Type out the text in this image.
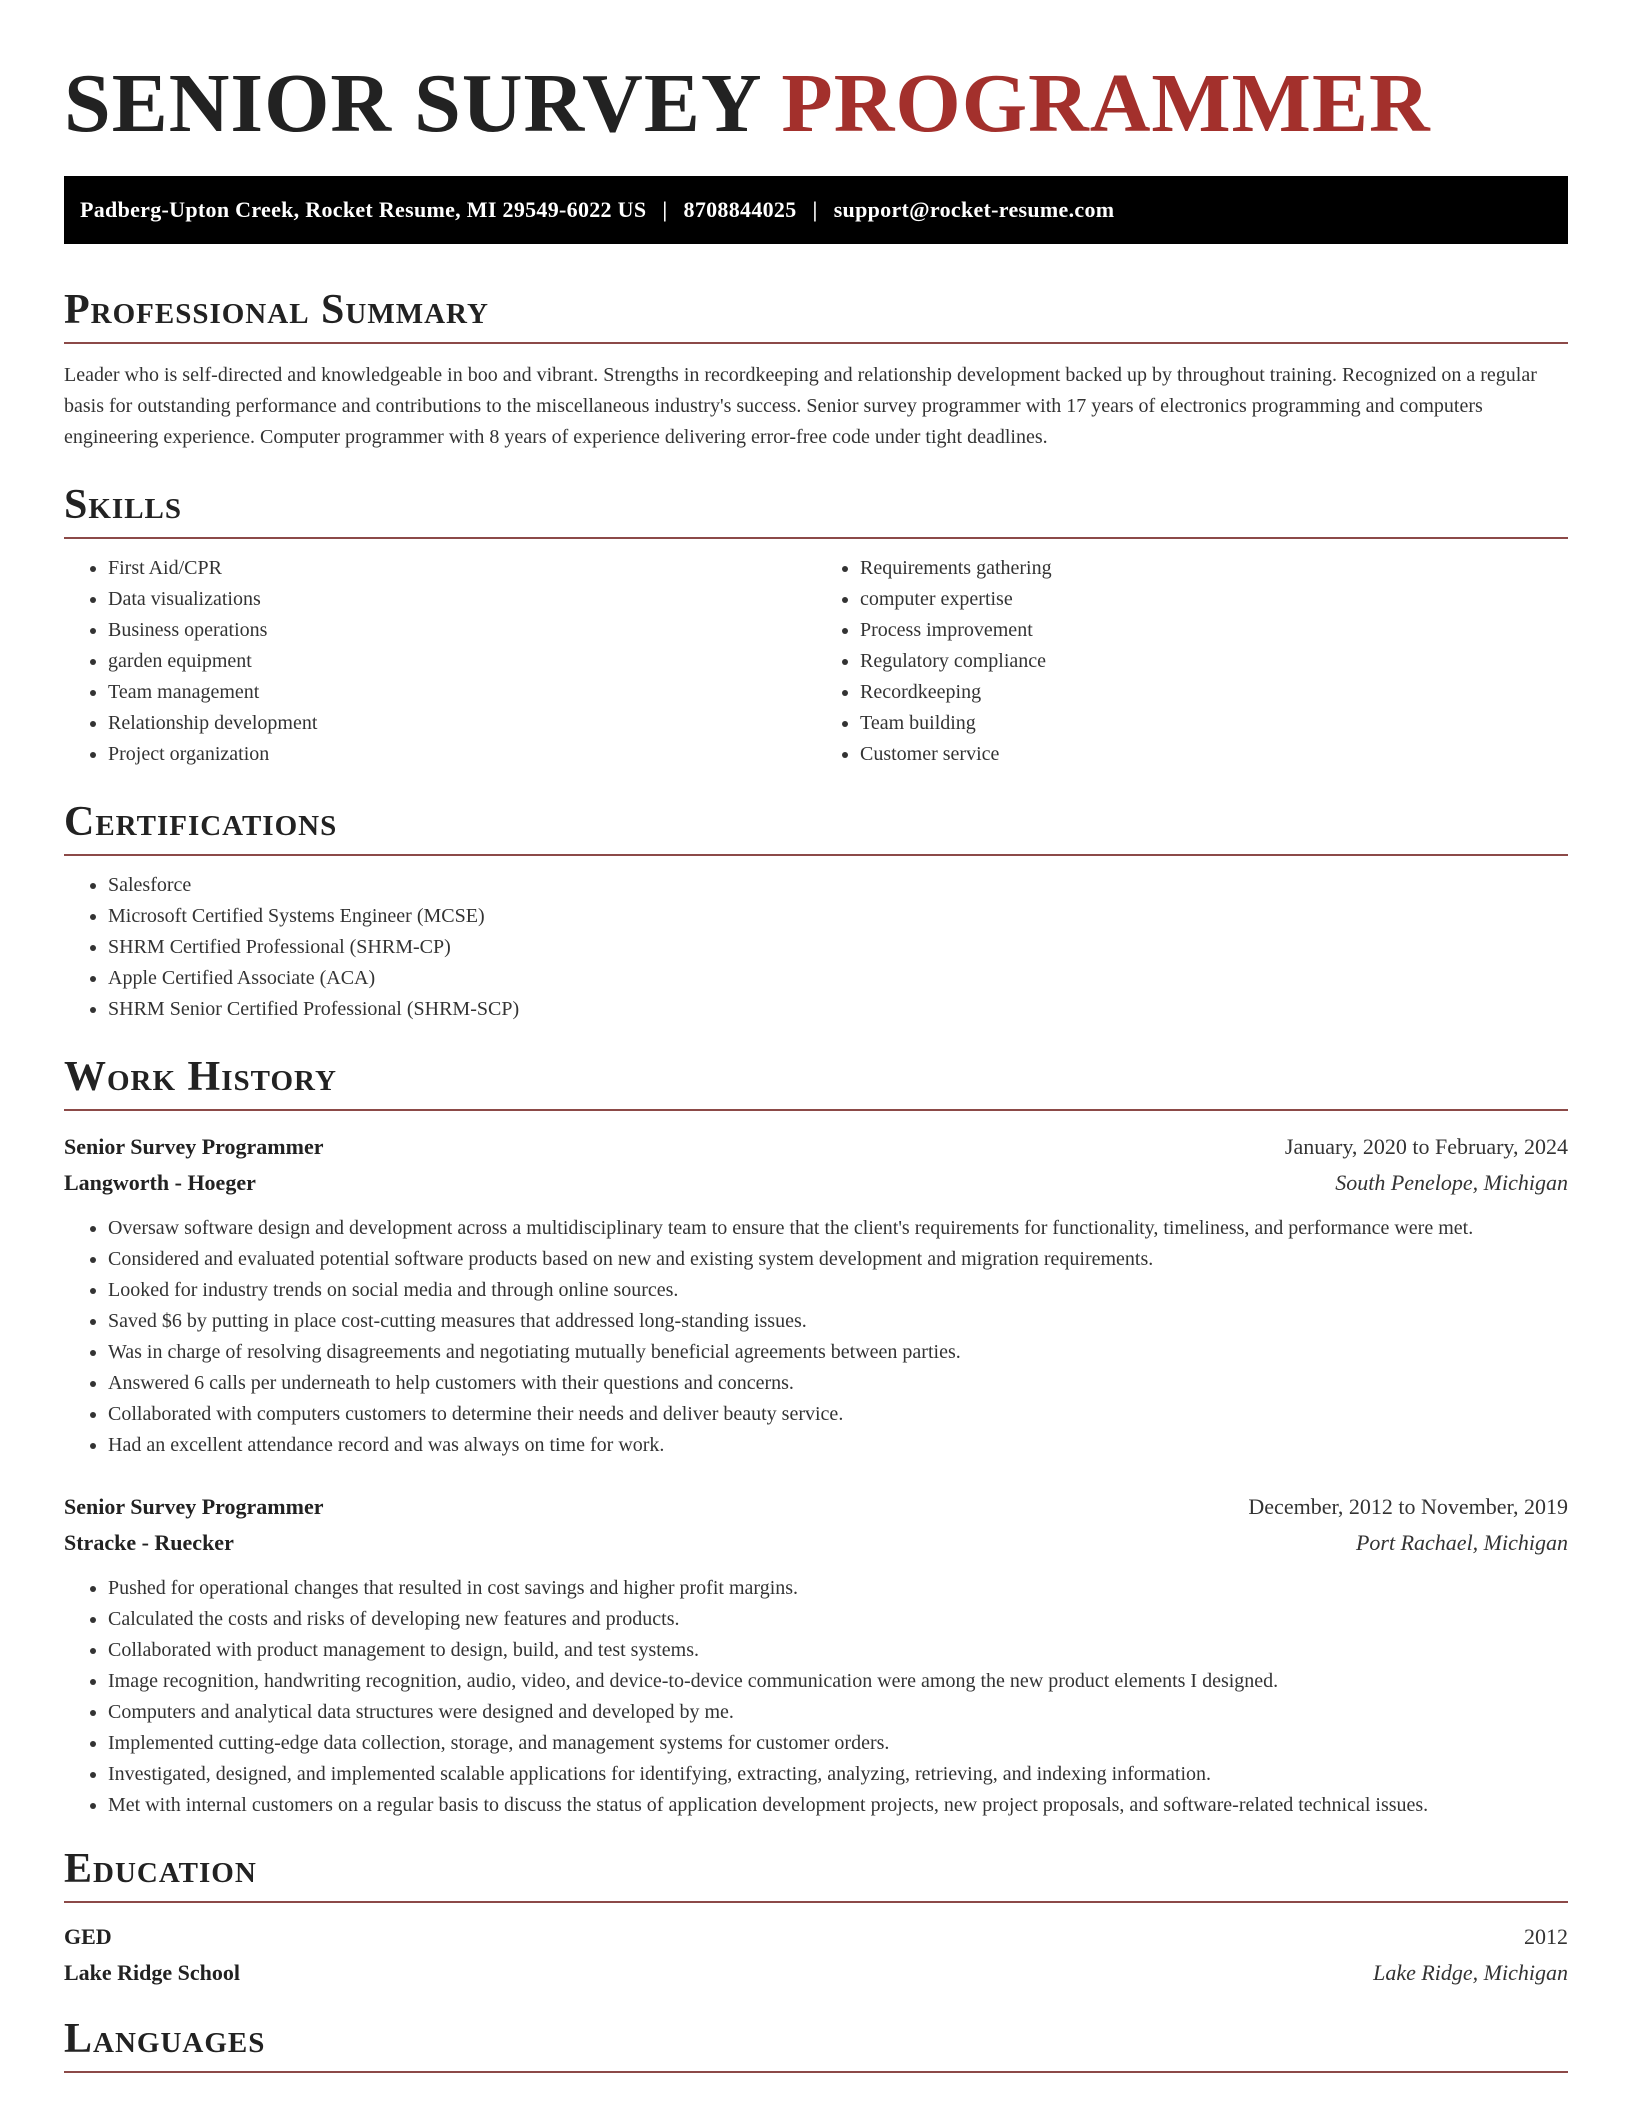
SENIOR SURVEY PROGRAMMER
Padberg-Upton Creek, Rocket Resume, MI 29549-6022 US | 8708844025 | support@rocket-resume.com
Professional Summary

Leader who is self-directed and knowledgeable in boo and vibrant. Strengths in recordkeeping and relationship development backed up by throughout training. Recognized on a regular basis for outstanding performance and contributions to the miscellaneous industry's success. Senior survey programmer with 17 years of electronics programming and computers engineering experience. Computer programmer with 8 years of experience delivering error-free code under tight deadlines.

Skills
• First Aid/CPR
• Data visualizations
• Business operations
• garden equipment
• Team management
• Relationship development
• Project organization
• Requirements gathering
• computer expertise
• Process improvement
• Regulatory compliance
• Recordkeeping
• Team building
• Customer service
Certifications
• Salesforce
• Microsoft Certified Systems Engineer (MCSE)
• SHRM Certified Professional (SHRM-CP)
• Apple Certified Associate (ACA)
• SHRM Senior Certified Professional (SHRM-SCP)
Work History
Senior Survey Programmer	January, 2020 to February, 2024
Langworth - Hoeger	South Penelope, Michigan
• Oversaw software design and development across a multidisciplinary team to ensure that the client's requirements for functionality, timeliness, and performance were met.
• Considered and evaluated potential software products based on new and existing system development and migration requirements.
• Looked for industry trends on social media and through online sources.
• Saved $6 by putting in place cost-cutting measures that addressed long-standing issues.
• Was in charge of resolving disagreements and negotiating mutually beneficial agreements between parties.
• Answered 6 calls per underneath to help customers with their questions and concerns.
• Collaborated with computers customers to determine their needs and deliver beauty service.
• Had an excellent attendance record and was always on time for work.
Senior Survey Programmer	December, 2012 to November, 2019
Stracke - Ruecker	Port Rachael, Michigan
• Pushed for operational changes that resulted in cost savings and higher profit margins.
• Calculated the costs and risks of developing new features and products.
• Collaborated with product management to design, build, and test systems.
• Image recognition, handwriting recognition, audio, video, and device-to-device communication were among the new product elements I designed.
• Computers and analytical data structures were designed and developed by me.
• Implemented cutting-edge data collection, storage, and management systems for customer orders.
• Investigated, designed, and implemented scalable applications for identifying, extracting, analyzing, retrieving, and indexing information.
• Met with internal customers on a regular basis to discuss the status of application development projects, new project proposals, and software-related technical issues.
Education
GED	2012
Lake Ridge School	Lake Ridge, Michigan
Languages
